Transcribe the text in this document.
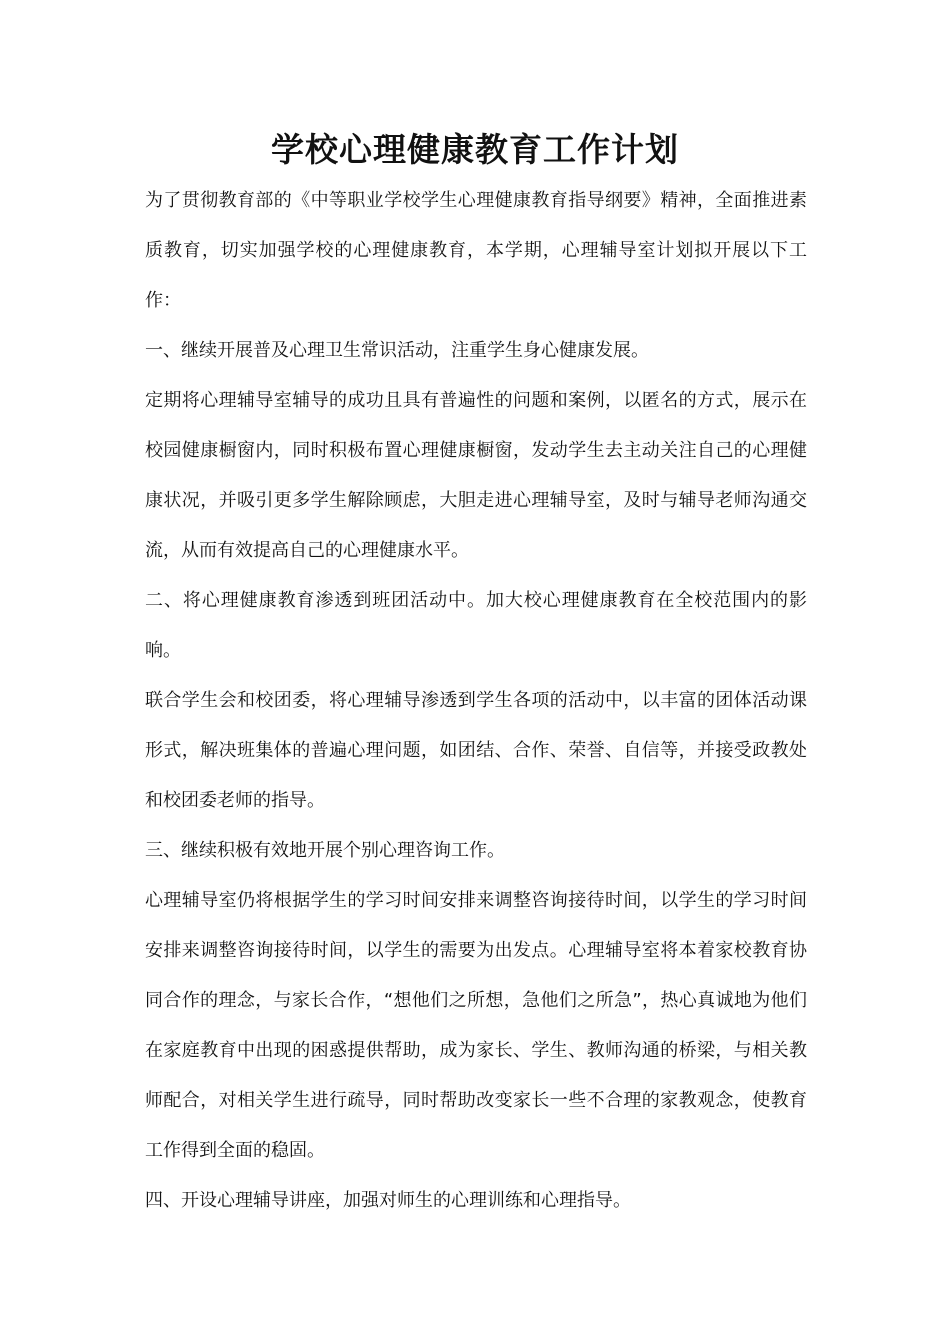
学校心理健康教育工作计划

为了贯彻教育部的《中等职业学校学生心理健康教育指导纲要》精神，全面推进素质教育，切实加强学校的心理健康教育，本学期，心理辅导室计划拟开展以下工作：

一、继续开展普及心理卫生常识活动，注重学生身心健康发展。

定期将心理辅导室辅导的成功且具有普遍性的问题和案例，以匿名的方式，展示在校园健康橱窗内，同时积极布置心理健康橱窗，发动学生去主动关注自己的心理健康状况，并吸引更多学生解除顾虑，大胆走进心理辅导室，及时与辅导老师沟通交流，从而有效提高自己的心理健康水平。

二、将心理健康教育渗透到班团活动中。加大校心理健康教育在全校范围内的影响。

联合学生会和校团委，将心理辅导渗透到学生各项的活动中，以丰富的团体活动课形式，解决班集体的普遍心理问题，如团结、合作、荣誉、自信等，并接受政教处和校团委老师的指导。

三、继续积极有效地开展个别心理咨询工作。

心理辅导室仍将根据学生的学习时间安排来调整咨询接待时间，以学生的学习时间安排来调整咨询接待时间，以学生的需要为出发点。心理辅导室将本着家校教育协同合作的理念，与家长合作，“想他们之所想，急他们之所急”，热心真诚地为他们在家庭教育中出现的困惑提供帮助，成为家长、学生、教师沟通的桥梁，与相关教师配合，对相关学生进行疏导，同时帮助改变家长一些不合理的家教观念，使教育工作得到全面的稳固。

四、开设心理辅导讲座，加强对师生的心理训练和心理指导。
